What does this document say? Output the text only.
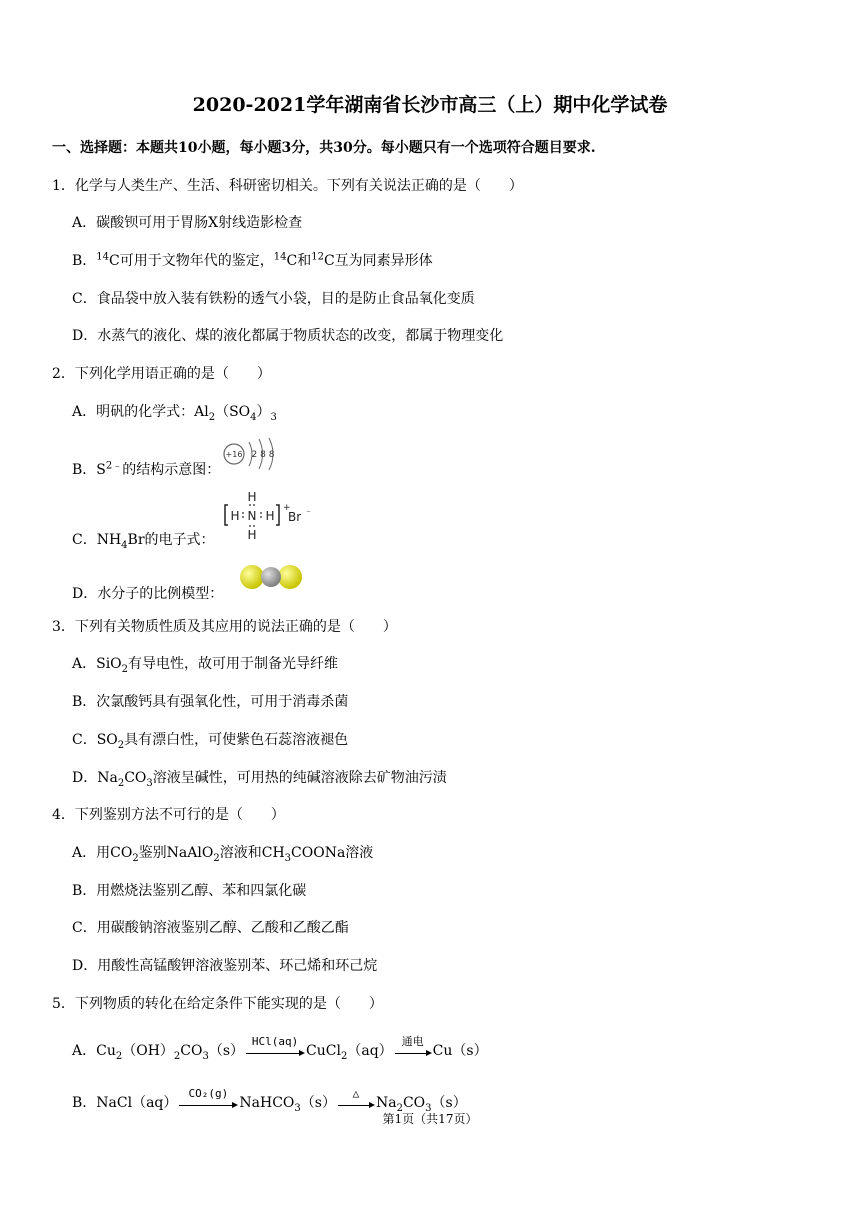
2020-2021学年湖南省长沙市高三（上）期中化学试卷
一、选择题：本题共10小题，每小题3分，共30分。每小题只有一个选项符合题目要求.
1．化学与人类生产、生活、科研密切相关。下列有关说法正确的是（　　）
A．碳酸钡可用于胃肠X射线造影检查
B．$^{14}$C可用于文物年代的鉴定，$^{14}$C和$^{12}$C互为同素异形体
C．食品袋中放入装有铁粉的透气小袋，目的是防止食品氧化变质
D．水蒸气的液化、煤的液化都属于物质状态的改变，都属于物理变化
2．下列化学用语正确的是（　　）
A．明矾的化学式：$Al_2(SO_4)_3$
B．$S^{2﹣}$的结构示意图：
+16 2 8 8
C．$NH_4Br$的电子式：
H
H N H
H
+
Br ﹣
D．水分子的比例模型：
3．下列有关物质性质及其应用的说法正确的是（　　）
A．SiO$_2$有导电性，故可用于制备光导纤维
B．次氯酸钙具有强氧化性，可用于消毒杀菌
C．$SO_2$具有漂白性，可使紫色石蕊溶液褪色
D．$Na_2CO_3$溶液呈碱性，可用热的纯碱溶液除去矿物油污渍
4．下列鉴别方法不可行的是（　　）
A．用$CO_2$鉴别NaAlO$_2$溶液和$CH_3COONa$溶液
B．用燃烧法鉴别乙醇、苯和四氯化碳
C．用碳酸钠溶液鉴别乙醇、乙酸和乙酸乙酯
D．用酸性高锰酸钾溶液鉴别苯、环己烯和环己烷
5．下列物质的转化在给定条件下能实现的是（　　）
A．$Cu_2(OH)_2CO_3(s)$
HCl(aq)
CuCl$_2$（aq）
通电
Cu（s）
B．NaCl（aq）
CO₂(g)
NaHCO$_3$（s）
△
$Na_2CO_3(s)$
第1页（共17页）
